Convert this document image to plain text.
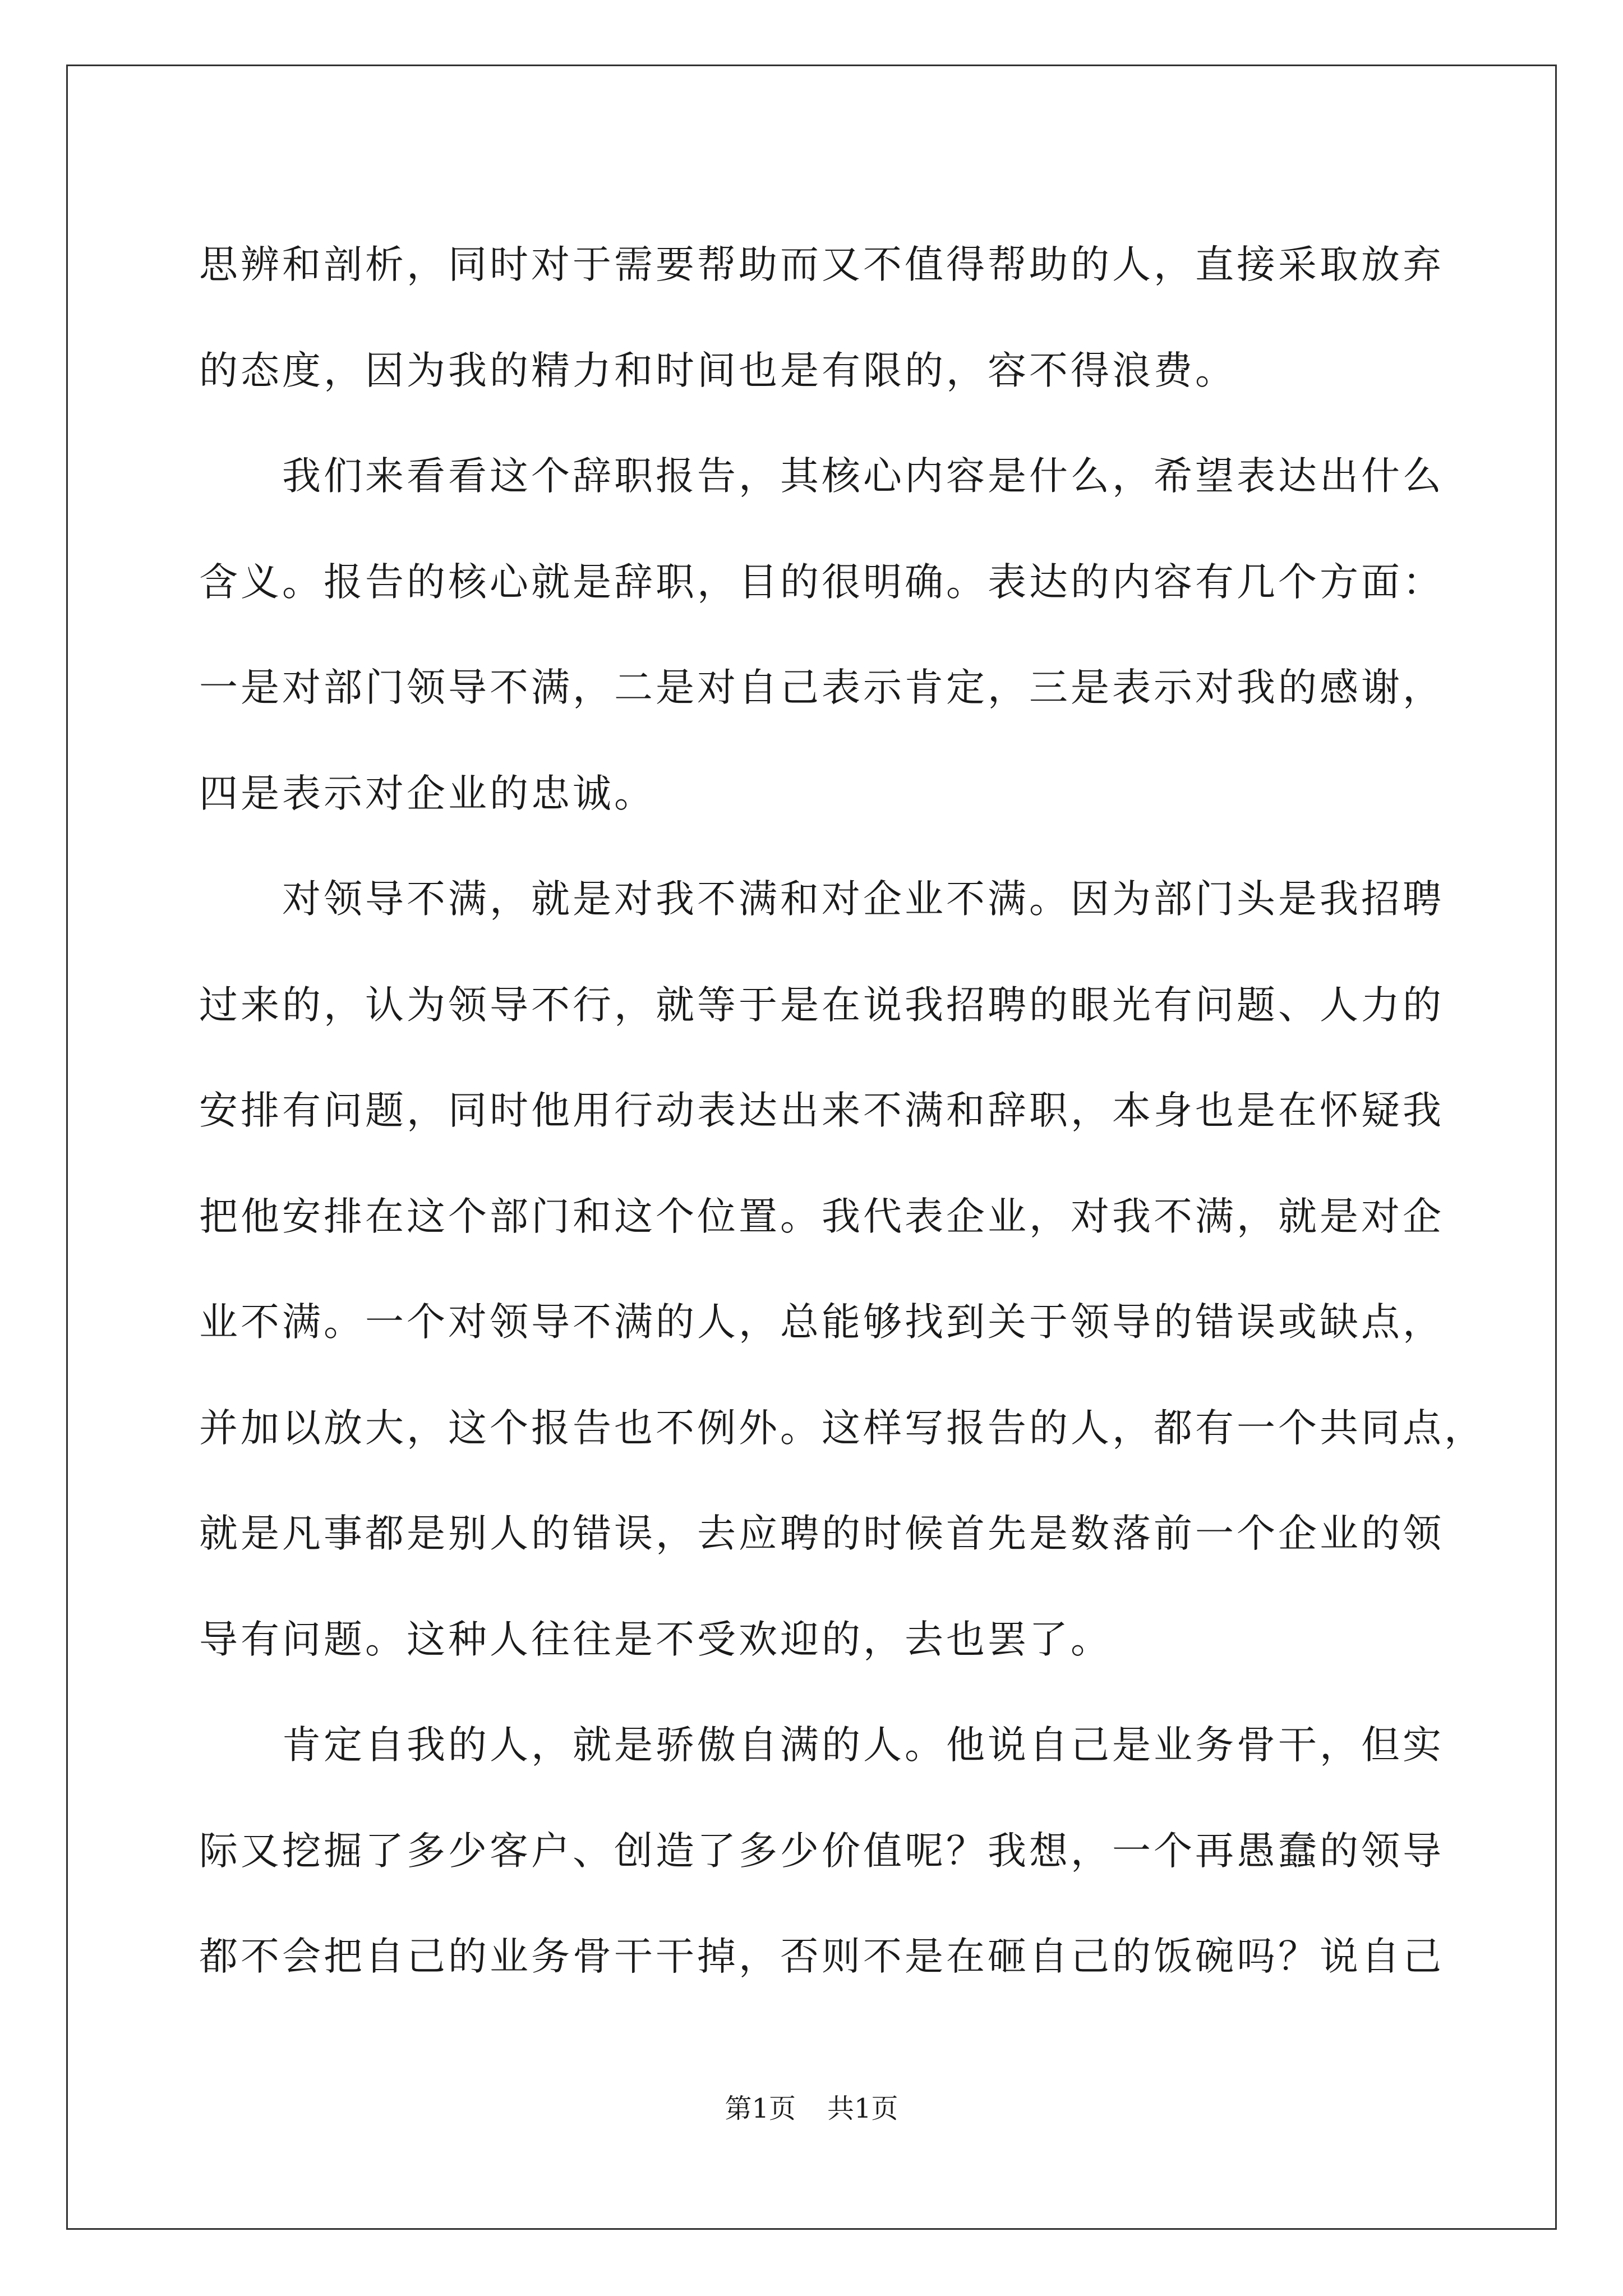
思辨和剖析，同时对于需要帮助而又不值得帮助的人，直接采取放弃
的态度，因为我的精力和时间也是有限的，容不得浪费。
我们来看看这个辞职报告，其核心内容是什么，希望表达出什么
含义。报告的核心就是辞职，目的很明确。表达的内容有几个方面：
一是对部门领导不满，二是对自己表示肯定，三是表示对我的感谢，
四是表示对企业的忠诚。
对领导不满，就是对我不满和对企业不满。因为部门头是我招聘
过来的，认为领导不行，就等于是在说我招聘的眼光有问题、人力的
安排有问题，同时他用行动表达出来不满和辞职，本身也是在怀疑我
把他安排在这个部门和这个位置。我代表企业，对我不满，就是对企
业不满。一个对领导不满的人，总能够找到关于领导的错误或缺点，
并加以放大，这个报告也不例外。这样写报告的人，都有一个共同点，
就是凡事都是别人的错误，去应聘的时候首先是数落前一个企业的领
导有问题。这种人往往是不受欢迎的，去也罢了。
肯定自我的人，就是骄傲自满的人。他说自己是业务骨干，但实
际又挖掘了多少客户、创造了多少价值呢？我想，一个再愚蠢的领导
都不会把自己的业务骨干干掉，否则不是在砸自己的饭碗吗？说自己
第1页 共1页
